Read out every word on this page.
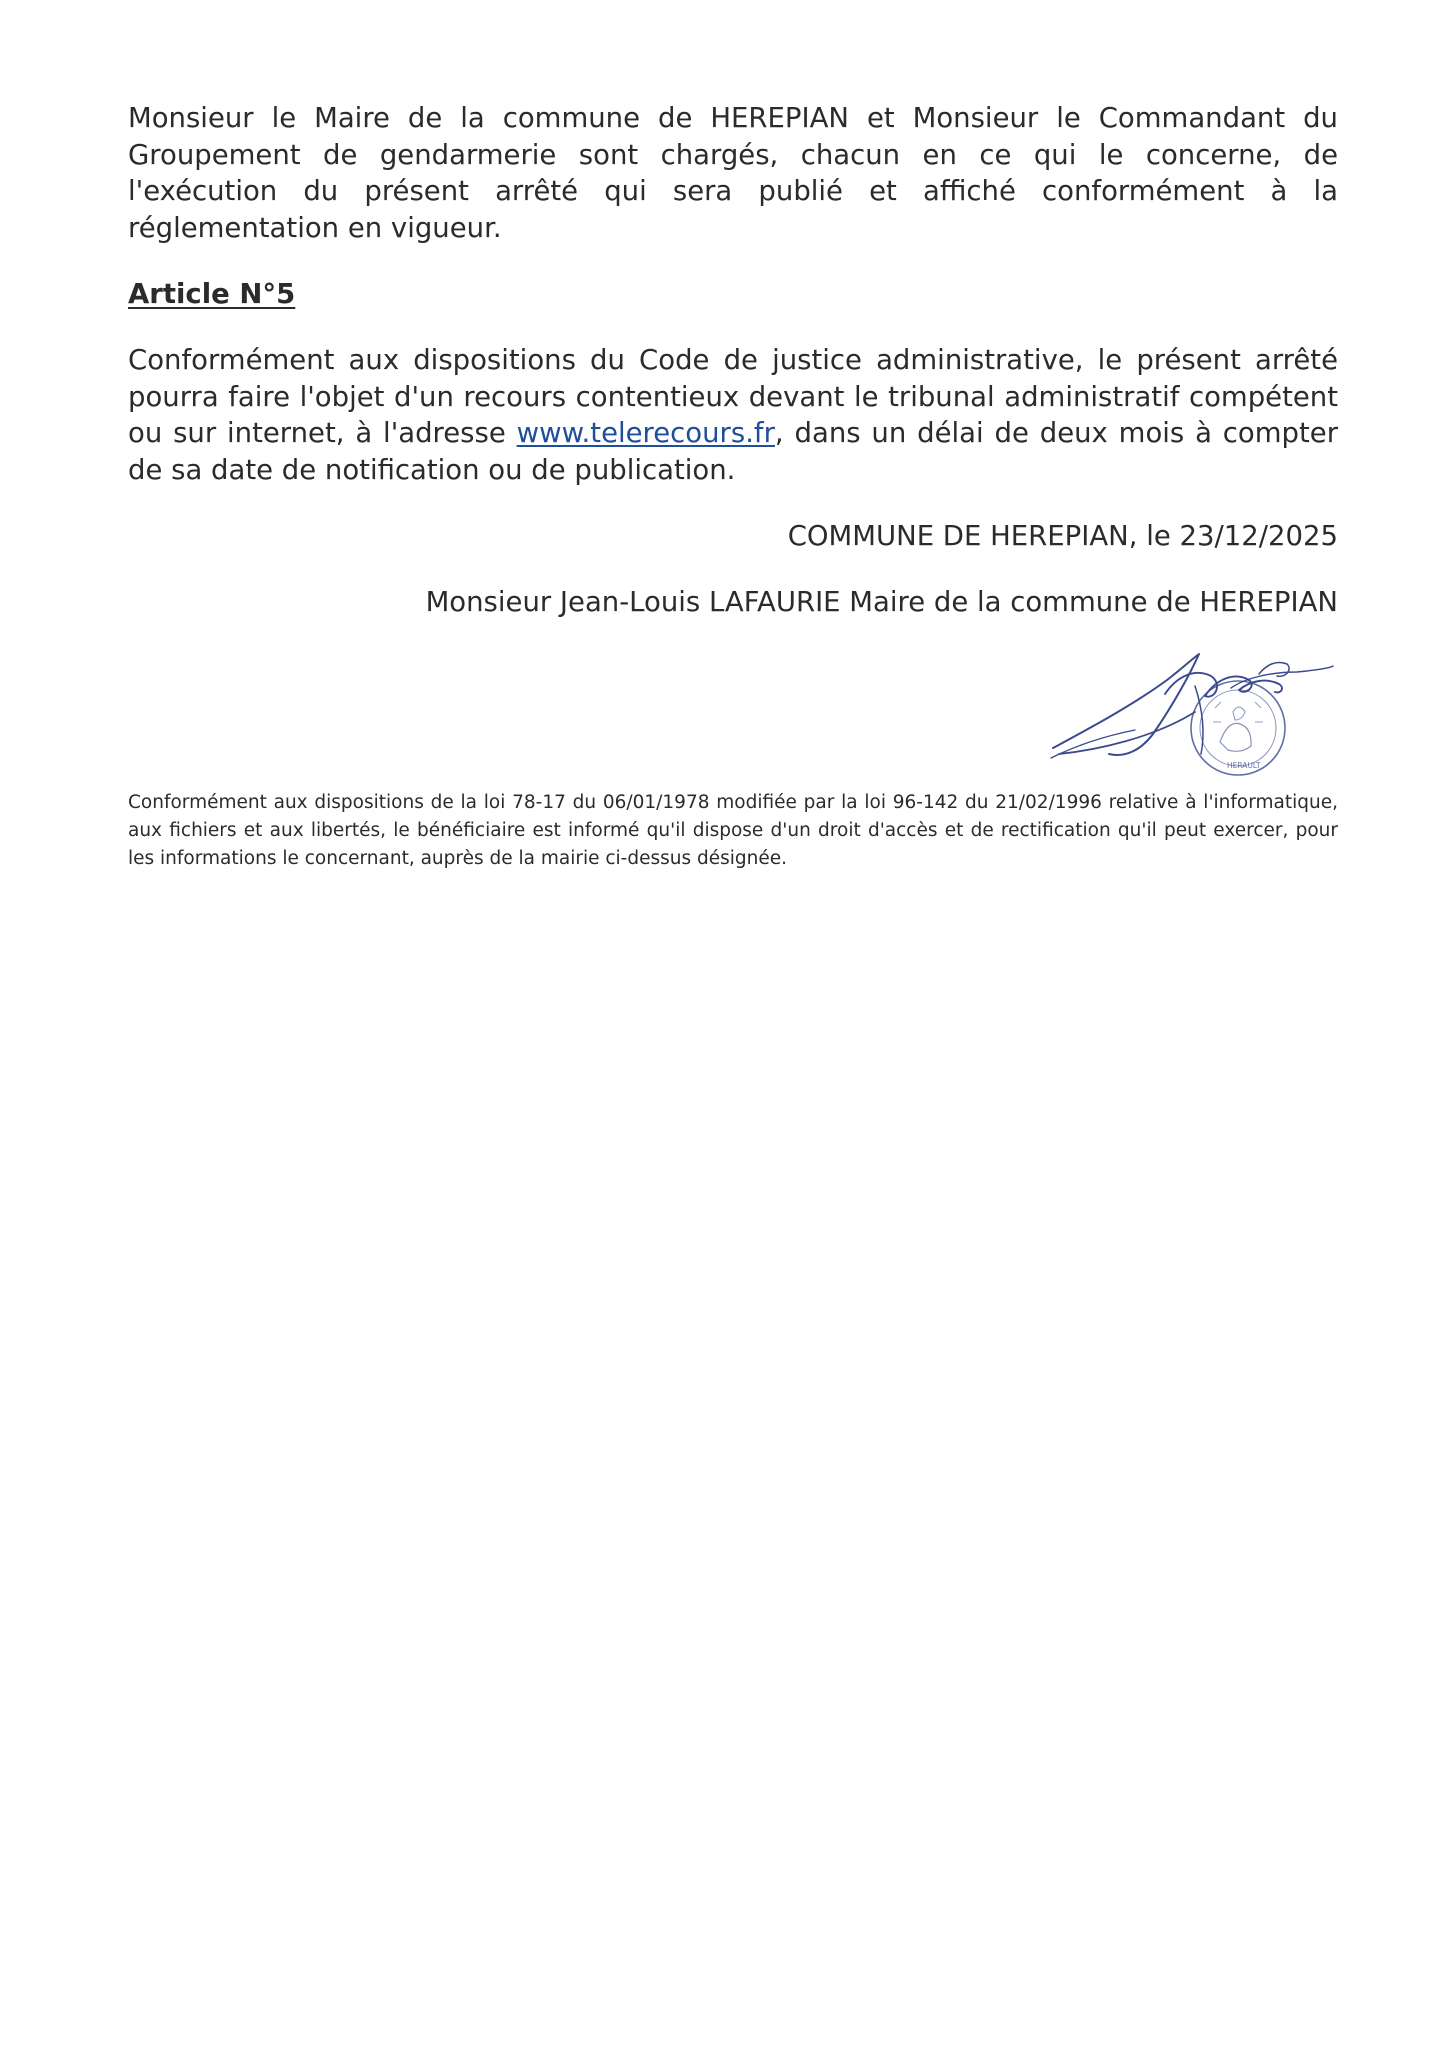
Monsieur le Maire de la commune de HEREPIAN et Monsieur le Commandant du Groupement de gendarmerie sont chargés, chacun en ce qui le concerne, de l'exécution du présent arrêté qui sera publié et affiché conformément à la réglementation en vigueur.

Article N°5

Conformément aux dispositions du Code de justice administrative, le présent arrêté pourra faire l'objet d'un recours contentieux devant le tribunal administratif compétent ou sur internet, à l'adresse www.telerecours.fr, dans un délai de deux mois à compter de sa date de notification ou de publication.

COMMUNE DE HEREPIAN, le 23/12/2025
Monsieur Jean-Louis LAFAURIE Maire de la commune de HEREPIAN
HERAULT

Conformément aux dispositions de la loi 78-17 du 06/01/1978 modifiée par la loi 96-142 du 21/02/1996 relative à l'informatique, aux fichiers et aux libertés, le bénéficiaire est informé qu'il dispose d'un droit d'accès et de rectification qu'il peut exercer, pour les informations le concernant, auprès de la mairie ci-dessus désignée.
